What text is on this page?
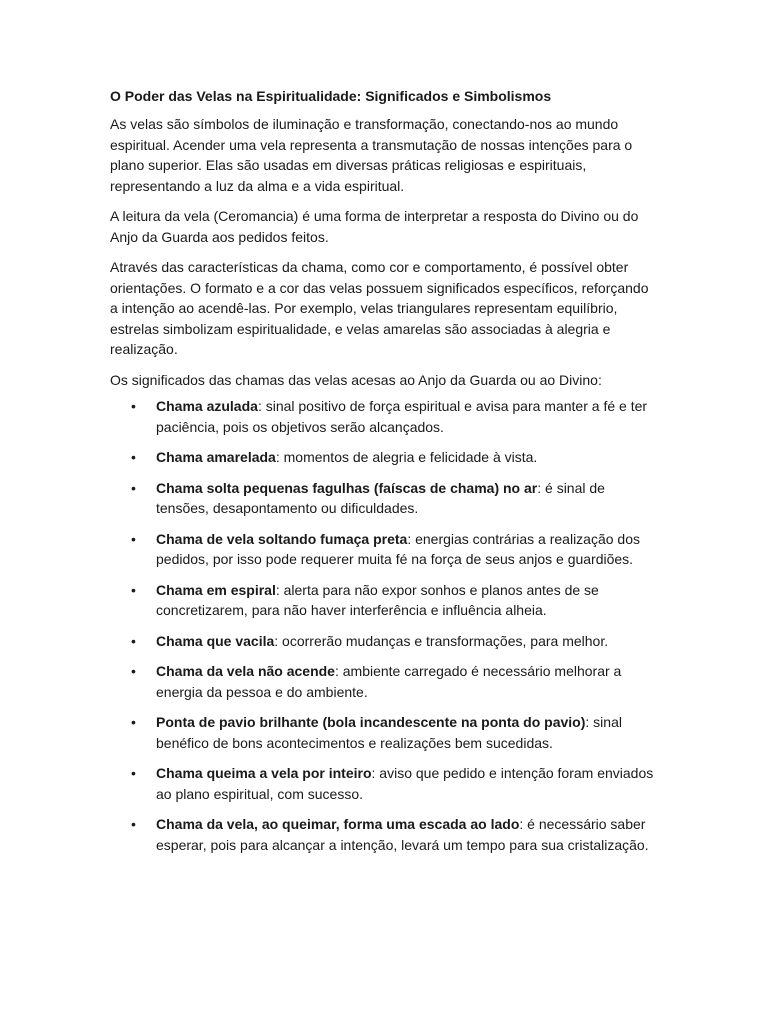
O Poder das Velas na Espiritualidade: Significados e Simbolismos

As velas são símbolos de iluminação e transformação, conectando-nos ao mundo espiritual. Acender uma vela representa a transmutação de nossas intenções para o plano superior. Elas são usadas em diversas práticas religiosas e espirituais, representando a luz da alma e a vida espiritual.

A leitura da vela (Ceromancia) é uma forma de interpretar a resposta do Divino ou do Anjo da Guarda aos pedidos feitos.

Através das características da chama, como cor e comportamento, é possível obter orientações. O formato e a cor das velas possuem significados específicos, reforçando a intenção ao acendê-las. Por exemplo, velas triangulares representam equilíbrio, estrelas simbolizam espiritualidade, e velas amarelas são associadas à alegria e realização.

Os significados das chamas das velas acesas ao Anjo da Guarda ou ao Divino:

• Chama azulada: sinal positivo de força espiritual e avisa para manter a fé e ter paciência, pois os objetivos serão alcançados.
• Chama amarelada: momentos de alegria e felicidade à vista.
• Chama solta pequenas fagulhas (faíscas de chama) no ar: é sinal de tensões, desapontamento ou dificuldades.
• Chama de vela soltando fumaça preta: energias contrárias a realização dos pedidos, por isso pode requerer muita fé na força de seus anjos e guardiões.
• Chama em espiral: alerta para não expor sonhos e planos antes de se concretizarem, para não haver interferência e influência alheia.
• Chama que vacila: ocorrerão mudanças e transformações, para melhor.
• Chama da vela não acende: ambiente carregado é necessário melhorar a energia da pessoa e do ambiente.
• Ponta de pavio brilhante (bola incandescente na ponta do pavio): sinal benéfico de bons acontecimentos e realizações bem sucedidas.
• Chama queima a vela por inteiro: aviso que pedido e intenção foram enviados ao plano espiritual, com sucesso.
• Chama da vela, ao queimar, forma uma escada ao lado: é necessário saber esperar, pois para alcançar a intenção, levará um tempo para sua cristalização.
